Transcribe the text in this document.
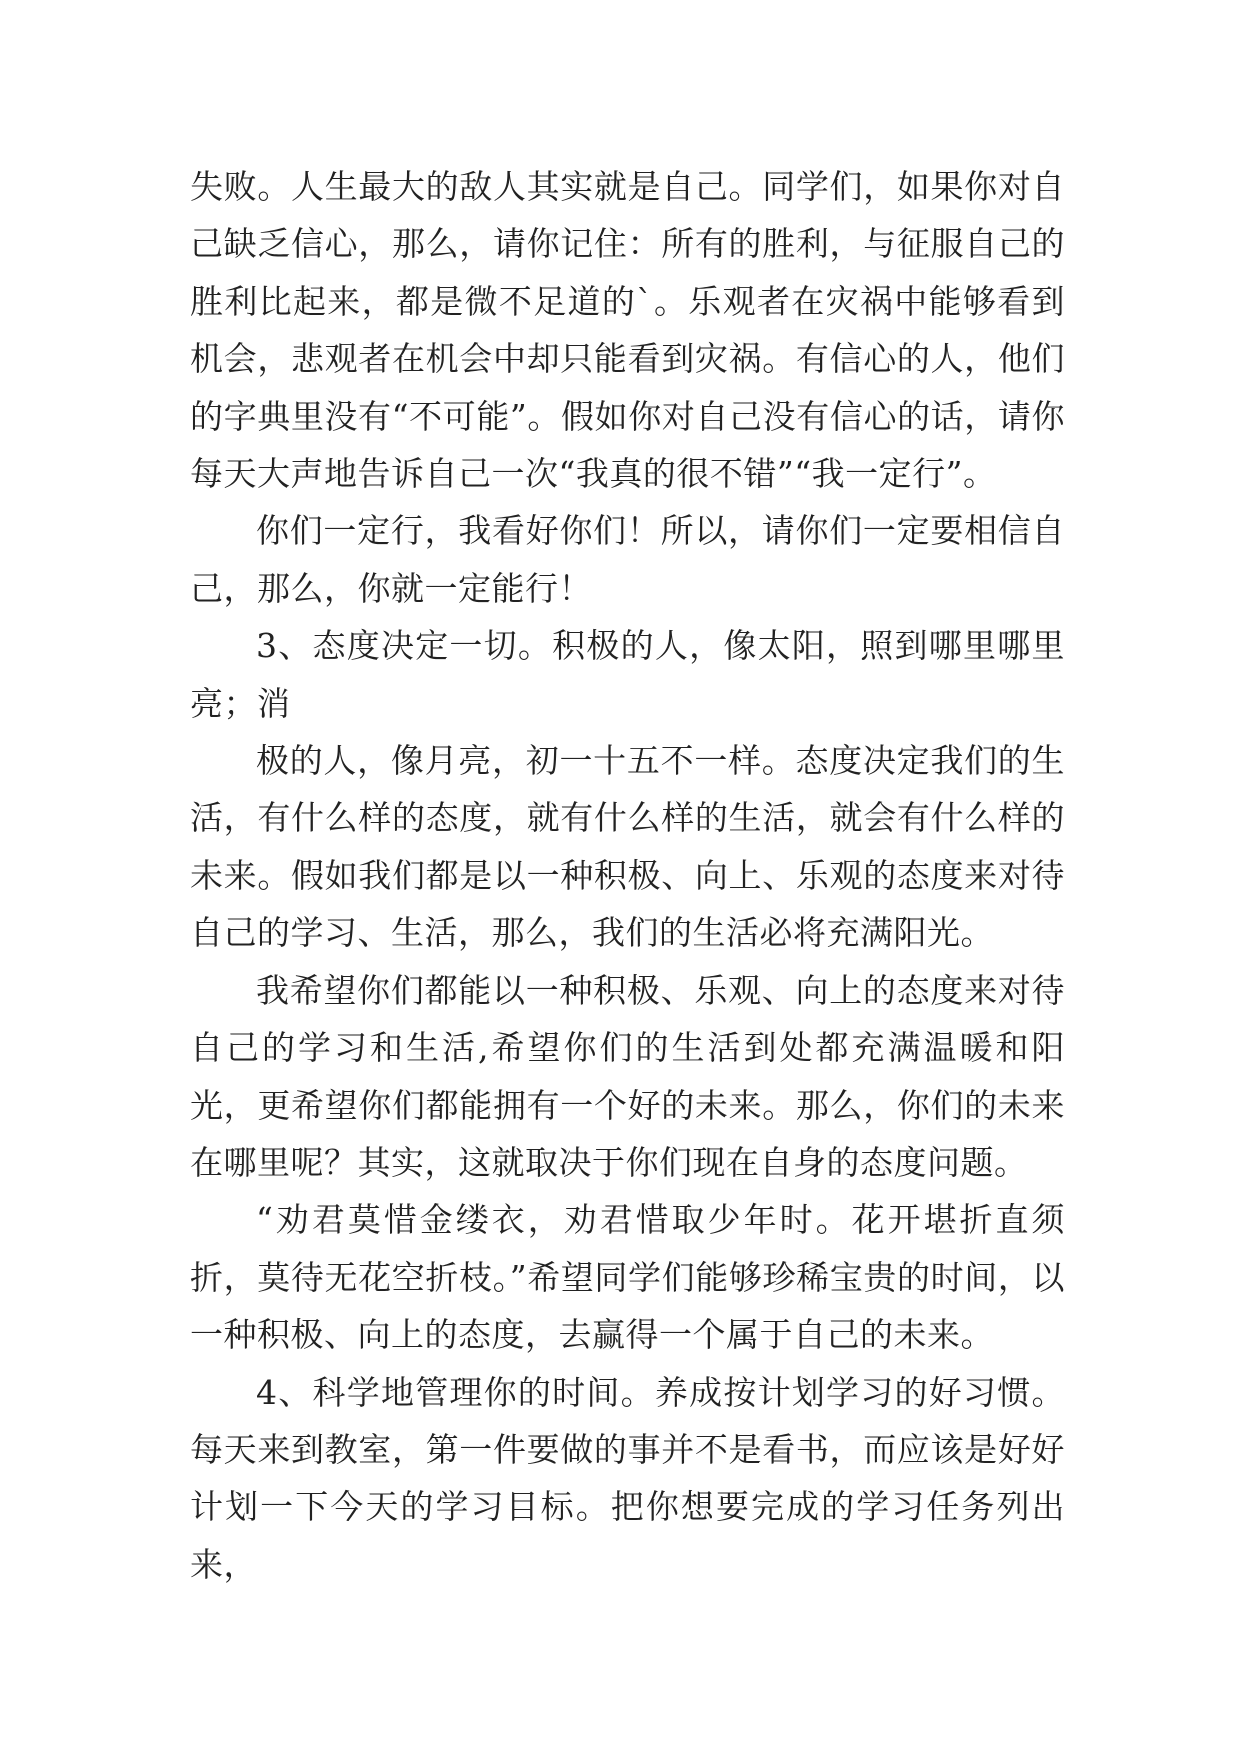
失败。人生最大的敌人其实就是自己。同学们，如果你对自己缺乏信心，那么，请你记住：所有的胜利，与征服自己的胜利比起来，都是微不足道的`。乐观者在灾祸中能够看到机会，悲观者在机会中却只能看到灾祸。有信心的人，他们的字典里没有“不可能”。假如你对自己没有信心的话，请你每天大声地告诉自己一次“我真的很不错”“我一定行”。

你们一定行，我看好你们！所以，请你们一定要相信自己，那么，你就一定能行！

3、态度决定一切。积极的人，像太阳，照到哪里哪里亮；消

极的人，像月亮，初一十五不一样。态度决定我们的生活，有什么样的态度，就有什么样的生活，就会有什么样的未来。假如我们都是以一种积极、向上、乐观的态度来对待自己的学习、生活，那么，我们的生活必将充满阳光。

我希望你们都能以一种积极、乐观、向上的态度来对待自己的学习和生活,希望你们的生活到处都充满温暖和阳光，更希望你们都能拥有一个好的未来。那么，你们的未来在哪里呢？其实，这就取决于你们现在自身的态度问题。

“劝君莫惜金缕衣，劝君惜取少年时。花开堪折直须折，莫待无花空折枝。”希望同学们能够珍稀宝贵的时间，以一种积极、向上的态度，去赢得一个属于自己的未来。

4、科学地管理你的时间。养成按计划学习的好习惯。每天来到教室，第一件要做的事并不是看书，而应该是好好计划一下今天的学习目标。把你想要完成的学习任务列出来，
